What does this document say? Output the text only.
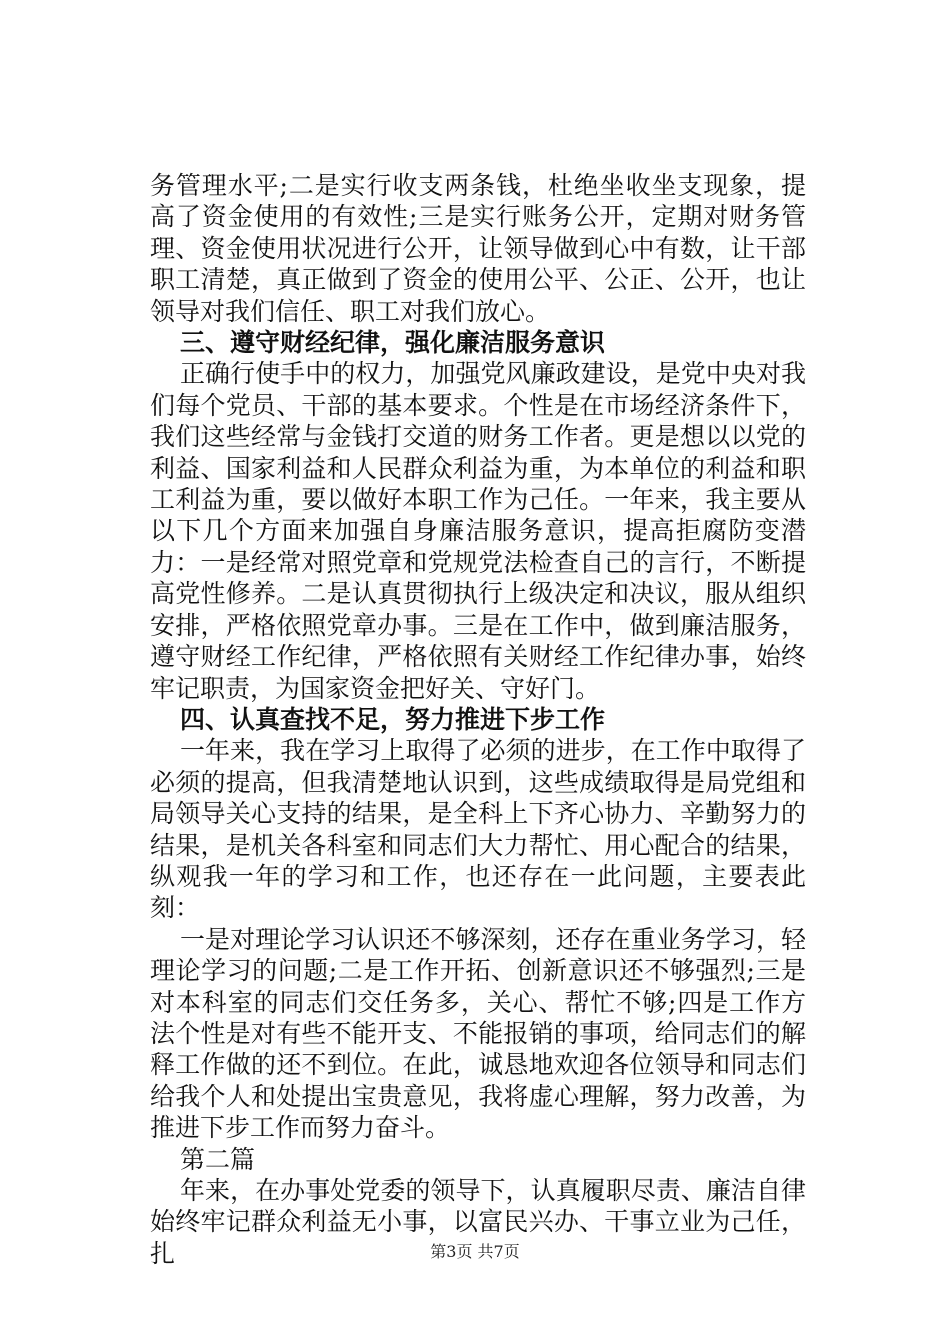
务管理水平;二是实行收支两条钱，杜绝坐收坐支现象，提高了资金使用的有效性;三是实行账务公开，定期对财务管理、资金使用状况进行公开，让领导做到心中有数，让干部职工清楚，真正做到了资金的使用公平、公正、公开，也让领导对我们信任、职工对我们放心。

三、遵守财经纪律，强化廉洁服务意识

正确行使手中的权力，加强党风廉政建设，是党中央对我们每个党员、干部的基本要求。个性是在市场经济条件下，我们这些经常与金钱打交道的财务工作者。更是想以以党的利益、国家利益和人民群众利益为重，为本单位的利益和职工利益为重，要以做好本职工作为己任。一年来，我主要从以下几个方面来加强自身廉洁服务意识，提高拒腐防变潜力：一是经常对照党章和党规党法检查自己的言行，不断提高党性修养。二是认真贯彻执行上级决定和决议，服从组织安排，严格依照党章办事。三是在工作中，做到廉洁服务，遵守财经工作纪律，严格依照有关财经工作纪律办事，始终牢记职责，为国家资金把好关、守好门。

四、认真查找不足，努力推进下步工作

一年来，我在学习上取得了必须的进步，在工作中取得了必须的提高，但我清楚地认识到，这些成绩取得是局党组和局领导关心支持的结果，是全科上下齐心协力、辛勤努力的结果，是机关各科室和同志们大力帮忙、用心配合的结果，纵观我一年的学习和工作，也还存在一此问题，主要表此刻：

一是对理论学习认识还不够深刻，还存在重业务学习，轻理论学习的问题;二是工作开拓、创新意识还不够强烈;三是对本科室的同志们交任务多，关心、帮忙不够;四是工作方法个性是对有些不能开支、不能报销的事项，给同志们的解释工作做的还不到位。在此，诚恳地欢迎各位领导和同志们给我个人和处提出宝贵意见，我将虚心理解，努力改善，为推进下步工作而努力奋斗。

第二篇

年来，在办事处党委的领导下，认真履职尽责、廉洁自律始终牢记群众利益无小事，以富民兴办、干事立业为己任，扎	第3页 共7页
